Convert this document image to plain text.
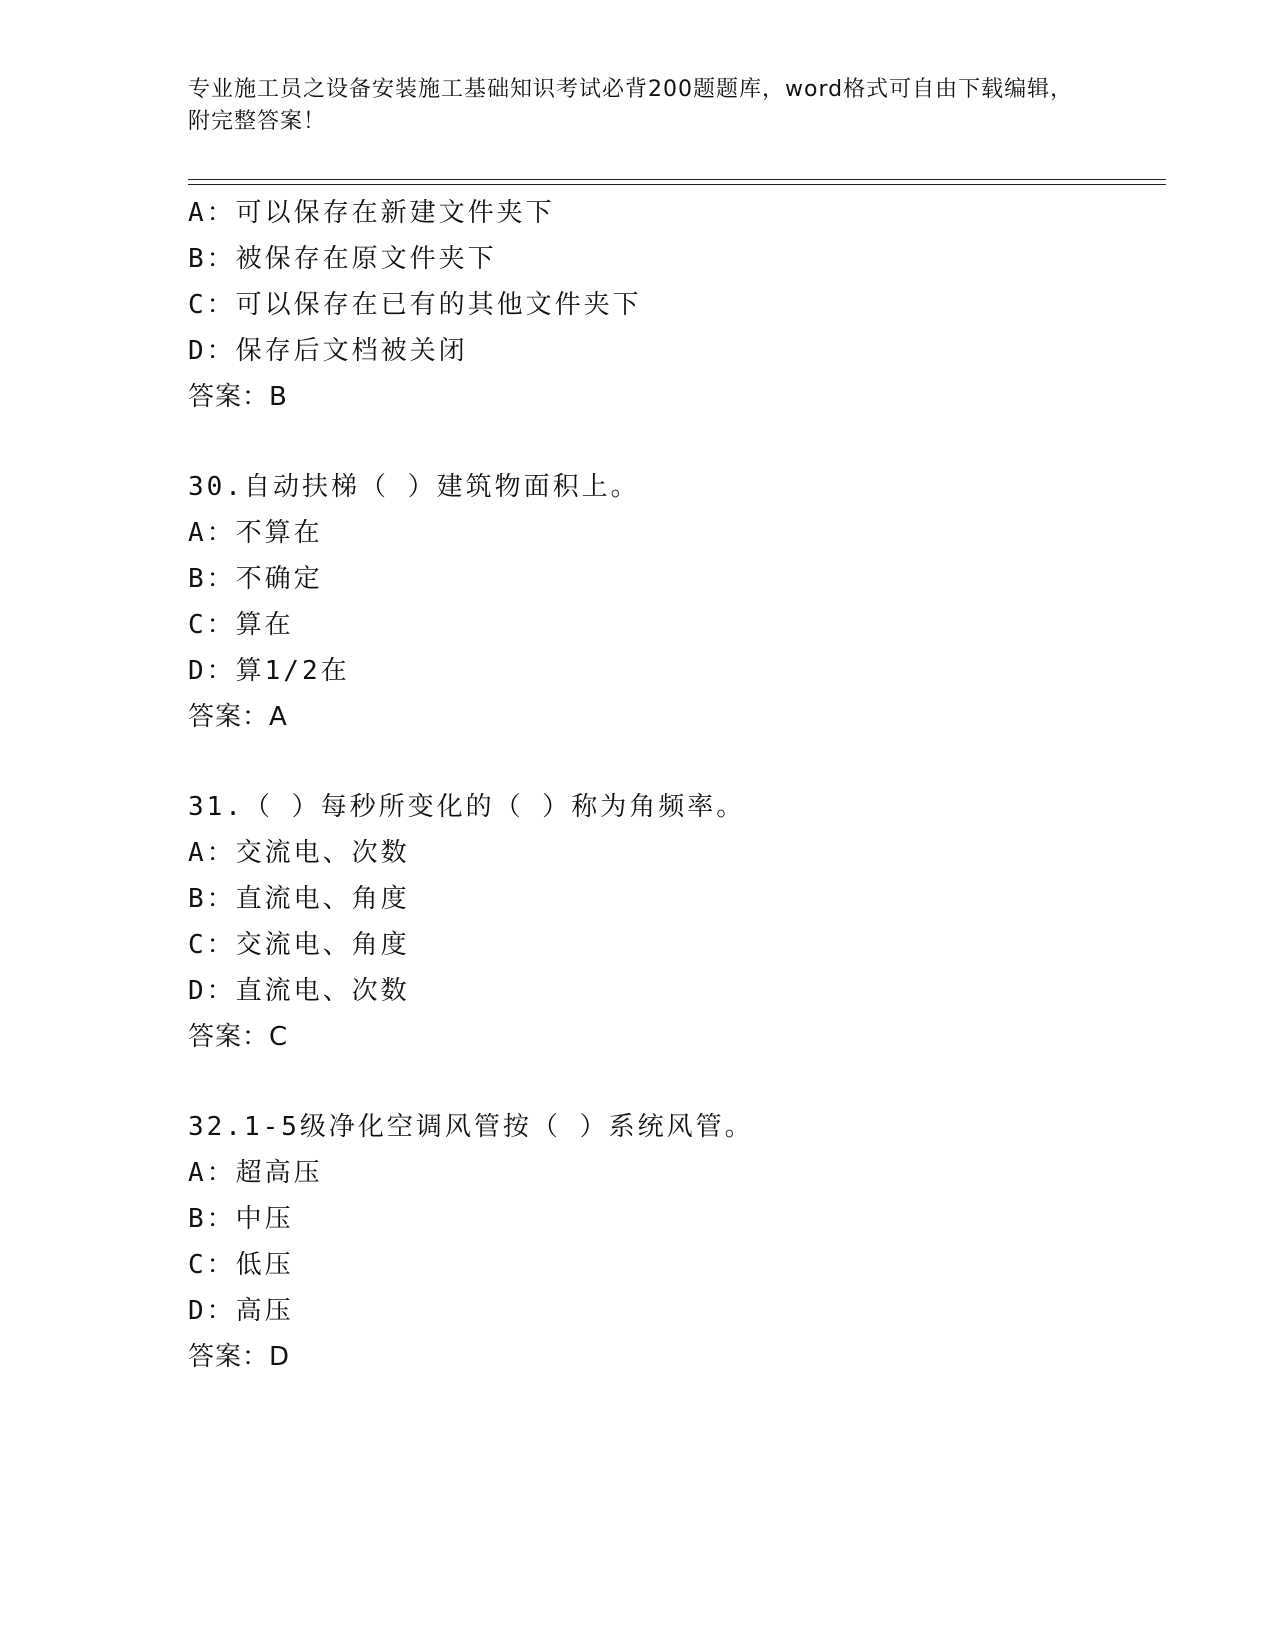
专业施工员之设备安装施工基础知识考试必背200题题库，word格式可自由下载编辑，附完整答案！
A：可以保存在新建文件夹下
B：被保存在原文件夹下
C：可以保存在已有的其他文件夹下
D：保存后文档被关闭
答案：B
30.自动扶梯（ ）建筑物面积上。
A：不算在
B：不确定
C：算在
D：算1/2在
答案：A
31.（ ）每秒所变化的（ ）称为角频率。
A：交流电、次数
B：直流电、角度
C：交流电、角度
D：直流电、次数
答案：C
32.1-5级净化空调风管按（ ）系统风管。
A：超高压
B：中压
C：低压
D：高压
答案：D
